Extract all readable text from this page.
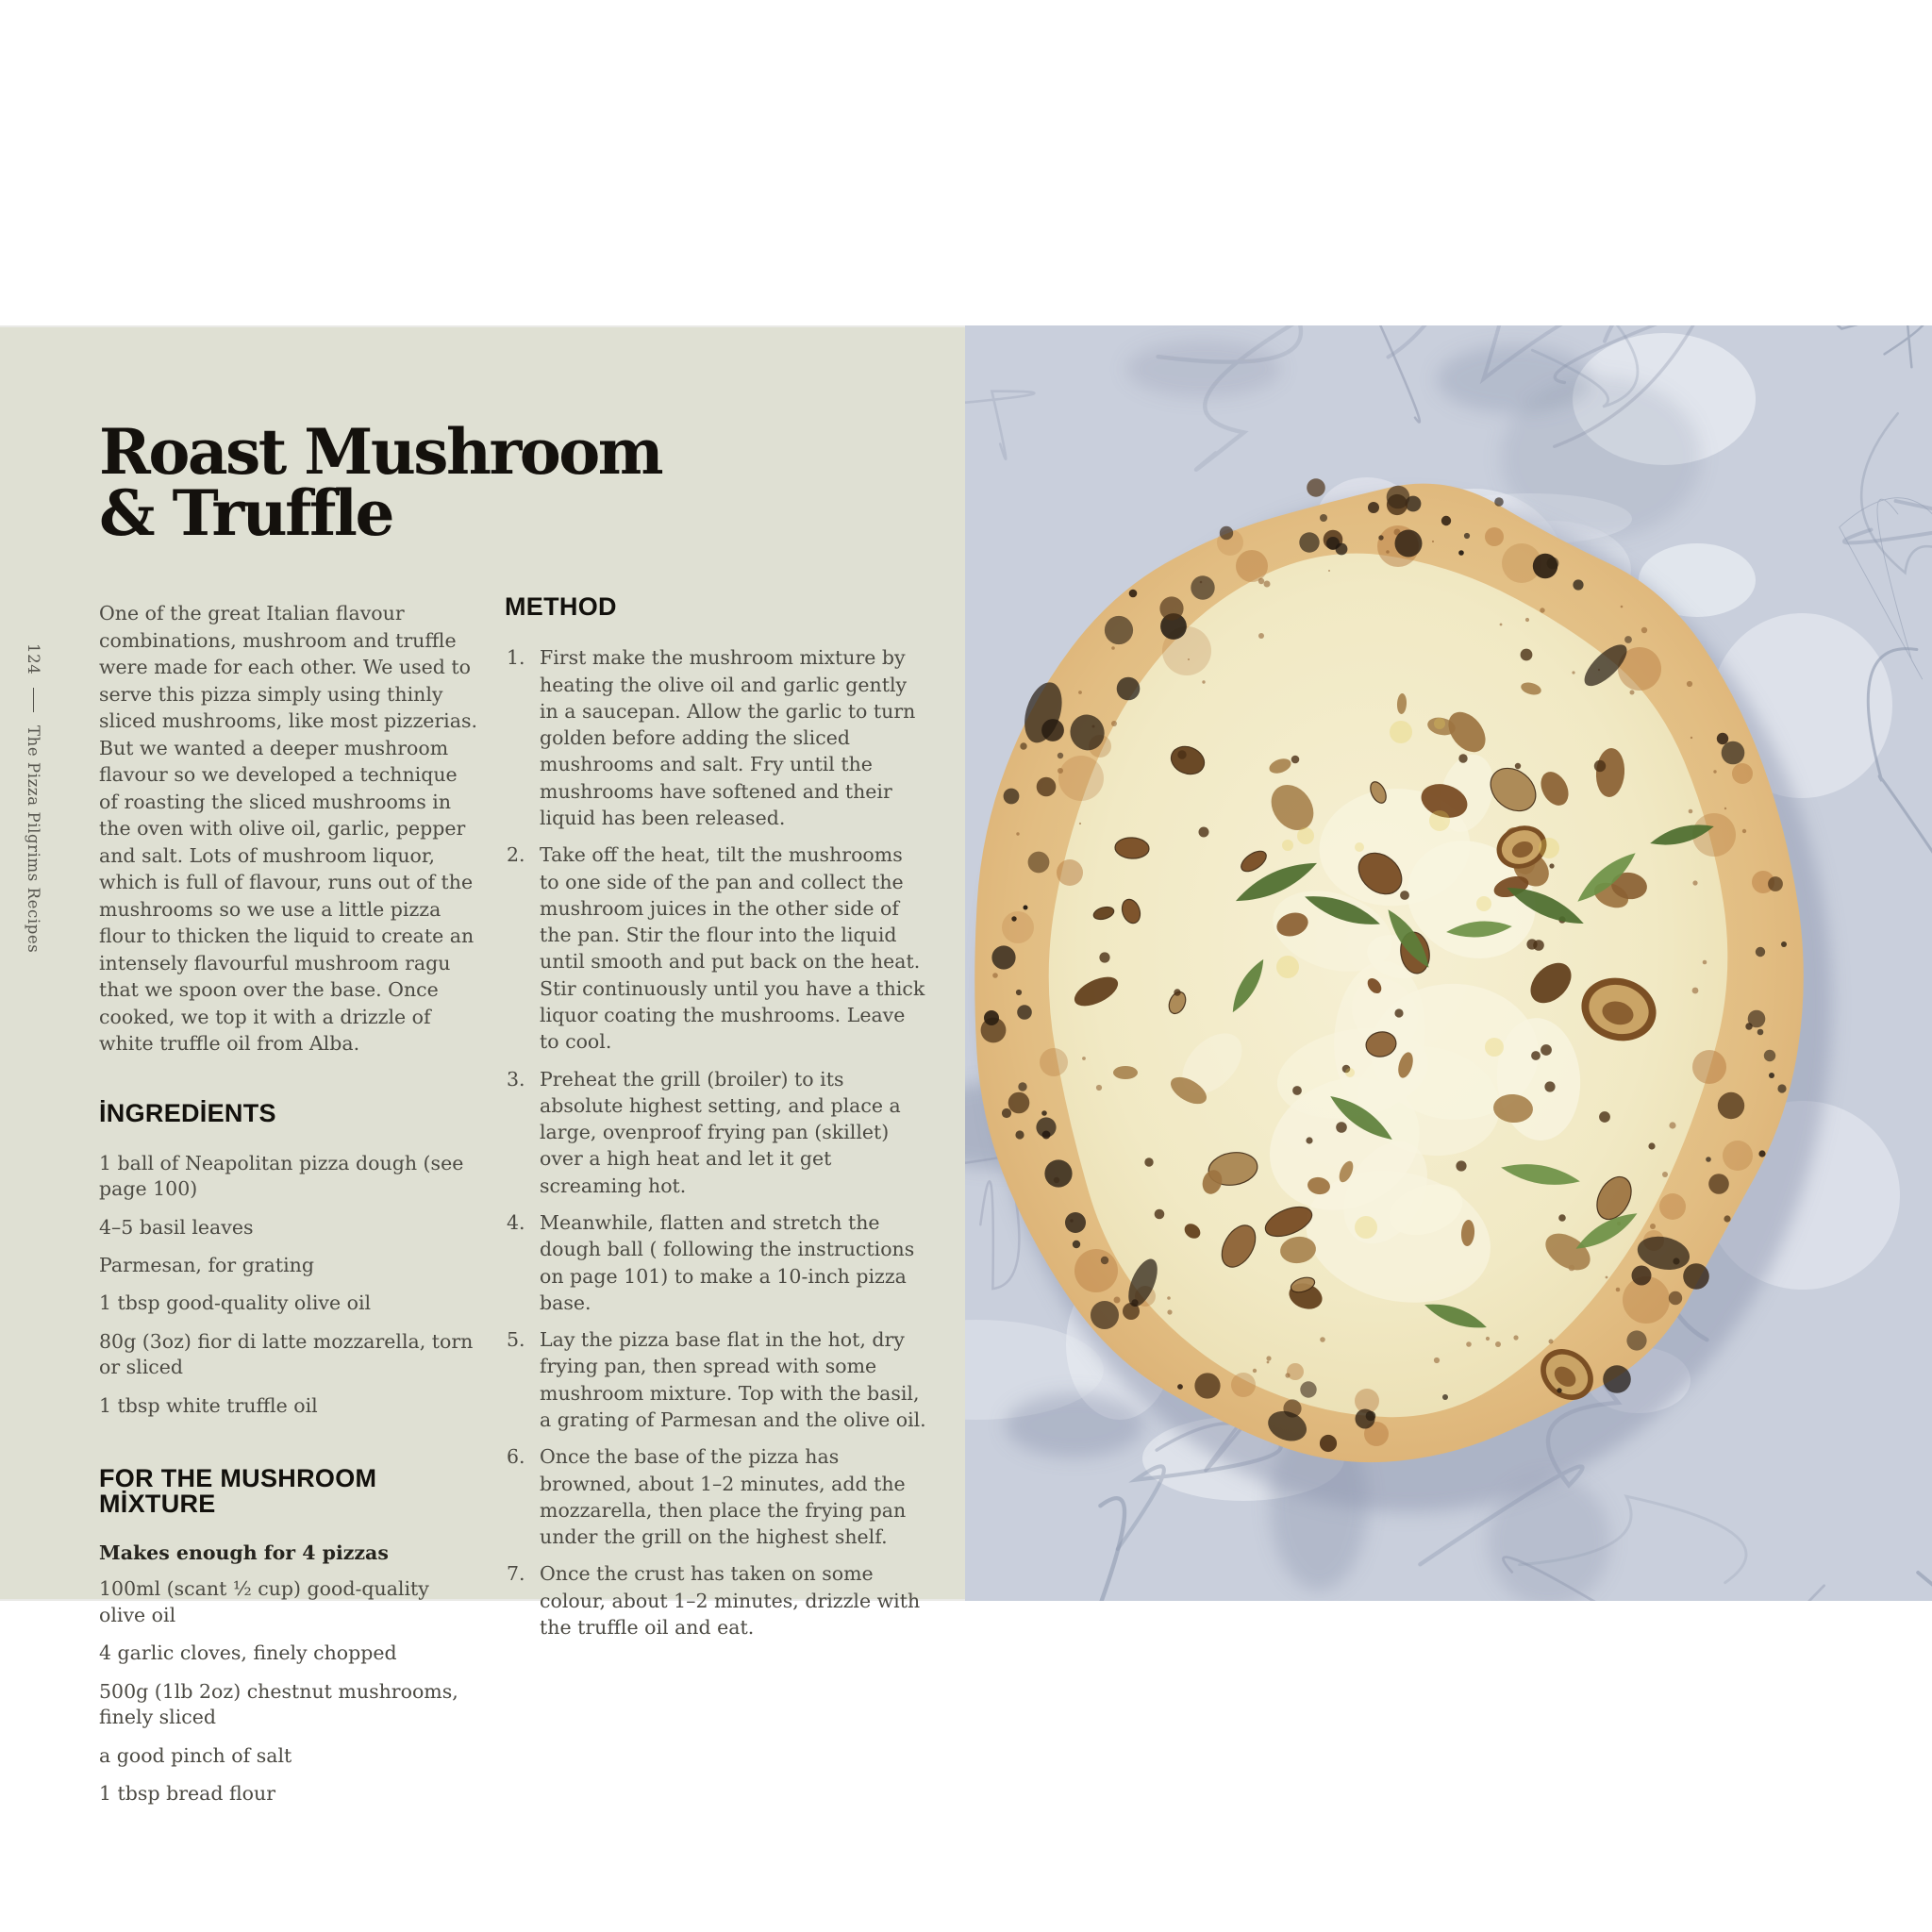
124
The Pizza Pilgrims Recipes
Roast Mushroom
& Truffle

One of the great Italian flavour combinations, mushroom and truffle were made for each other. We used to serve this pizza simply using thinly sliced mushrooms, like most pizzerias. But we wanted a deeper mushroom flavour so we developed a technique of roasting the sliced mushrooms in the oven with olive oil, garlic, pepper and salt. Lots of mushroom liquor, which is full of flavour, runs out of the mushrooms so we use a little pizza flour to thicken the liquid to create an intensely flavourful mushroom ragu that we spoon over the base. Once cooked, we top it with a drizzle of white truffle oil from Alba.

İNGREDİENTS
1 ball of Neapolitan pizza dough (see page 100)
4–5 basil leaves
Parmesan, for grating
1 tbsp good-quality olive oil
80g (3oz) fior di latte mozzarella, torn or sliced
1 tbsp white truffle oil
FOR THE MUSHROOM MİXTURE

Makes enough for 4 pizzas

100ml (scant ½ cup) good-quality olive oil
4 garlic cloves, finely chopped
500g (1lb 2oz) chestnut mushrooms, finely sliced
a good pinch of salt
1 tbsp bread flour
METHOD
First make the mushroom mixture by heating the olive oil and garlic gently in a saucepan. Allow the garlic to turn golden before adding the sliced mushrooms and salt. Fry until the mushrooms have softened and their liquid has been released.
Take off the heat, tilt the mushrooms to one side of the pan and collect the mushroom juices in the other side of the pan. Stir the flour into the liquid until smooth and put back on the heat. Stir continuously until you have a thick liquor coating the mushrooms. Leave to cool.
Preheat the grill (broiler) to its absolute highest setting, and place a large, ovenproof frying pan (skillet) over a high heat and let it get screaming hot.
Meanwhile, flatten and stretch the dough ball ( following the instructions on page 101) to make a 10-inch pizza base.
Lay the pizza base flat in the hot, dry frying pan, then spread with some mushroom mixture. Top with the basil, a grating of Parmesan and the olive oil.
Once the base of the pizza has browned, about 1–2 minutes, add the mozzarella, then place the frying pan under the grill on the highest shelf.
Once the crust has taken on some colour, about 1–2 minutes, drizzle with the truffle oil and eat.
